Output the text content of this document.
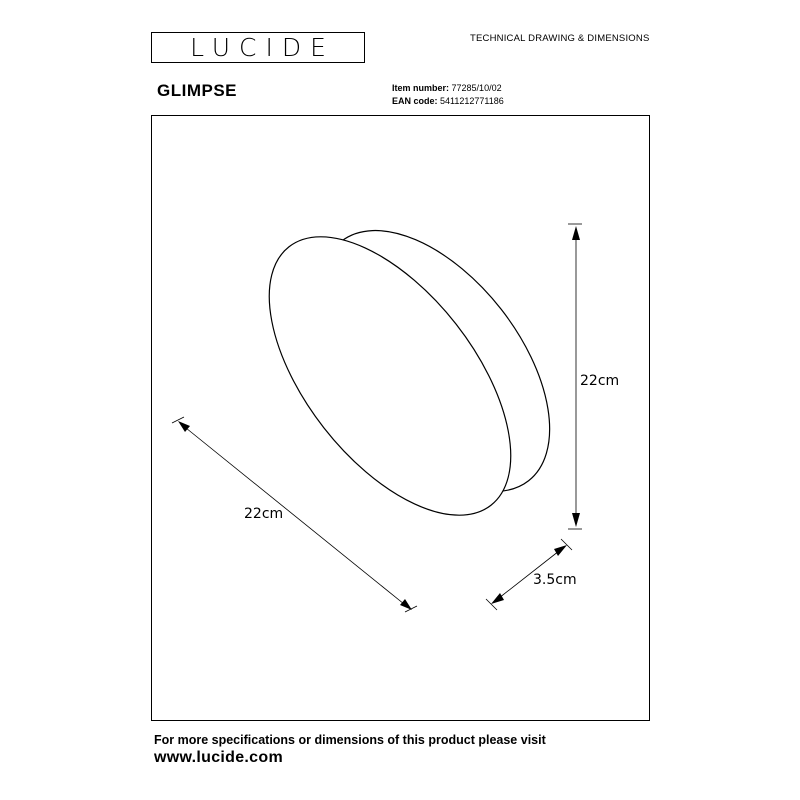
LUCIDE	TECHNICAL DRAWING & DIMENSIONS
GLIMPSE	Item number: 77285/10/02
EAN code: 5411212771186
22cm
22cm
3.5cm
For more specifications or dimensions of this product please visit
www.lucide.com
